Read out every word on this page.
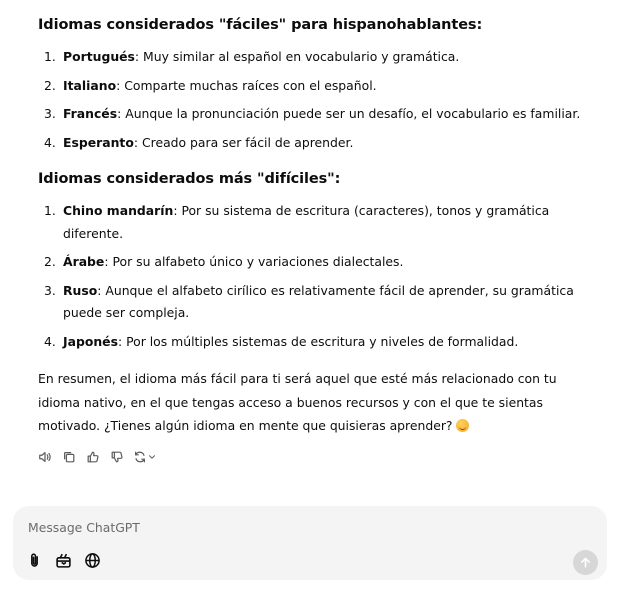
Idiomas considerados "fáciles" para hispanohablantes:
1. Portugués: Muy similar al español en vocabulario y gramática.
2. Italiano: Comparte muchas raíces con el español.
3. Francés: Aunque la pronunciación puede ser un desafío, el vocabulario es familiar.
4. Esperanto: Creado para ser fácil de aprender.
Idiomas considerados más "difíciles":
1. Chino mandarín: Por su sistema de escritura (caracteres), tonos y gramática diferente.
2. Árabe: Por su alfabeto único y variaciones dialectales.
3. Ruso: Aunque el alfabeto cirílico es relativamente fácil de aprender, su gramática puede ser compleja.
4. Japonés: Por los múltiples sistemas de escritura y niveles de formalidad.

En resumen, el idioma más fácil para ti será aquel que esté más relacionado con tu idioma nativo, en el que tengas acceso a buenos recursos y con el que te sientas motivado. ¿Tienes algún idioma en mente que quisieras aprender?

Message ChatGPT
